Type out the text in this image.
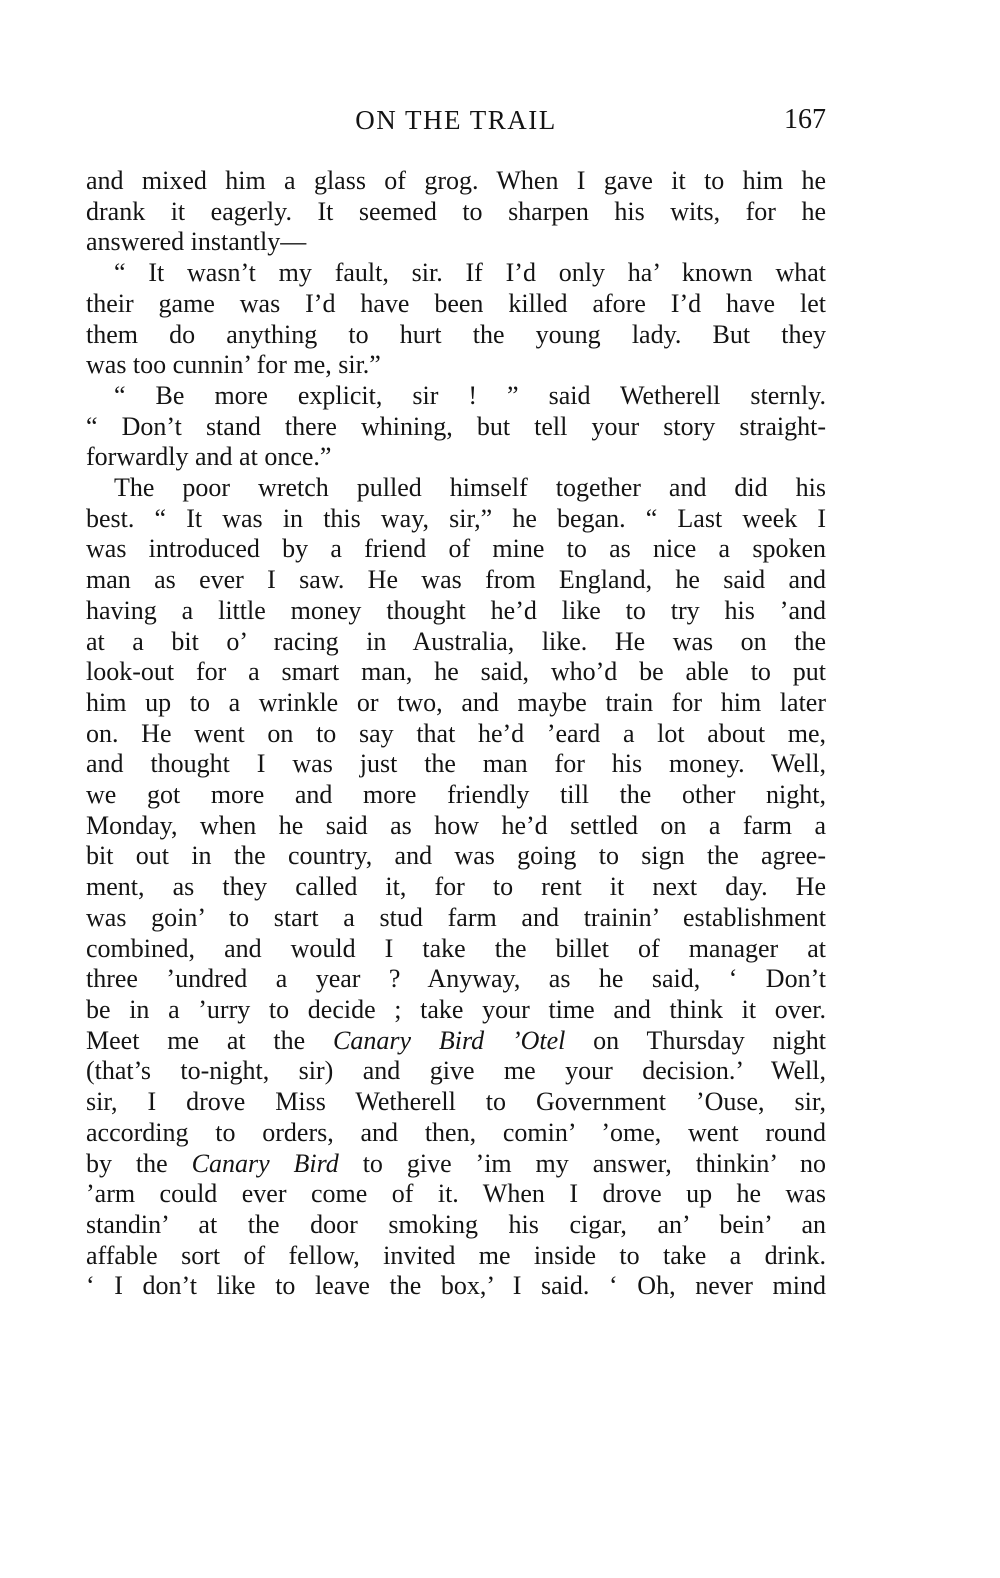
ON THE TRAIL	167
and mixed him a glass of grog. When I gave it to him he
drank it eagerly. It seemed to sharpen his wits, for he
answered instantly—
“ It wasn’t my fault, sir. If I’d only ha’ known what
their game was I’d have been killed afore I’d have let
them do anything to hurt the young lady. But they
was too cunnin’ for me, sir.”
“ Be more explicit, sir ! ” said Wetherell sternly.
“ Don’t stand there whining, but tell your story straight-
forwardly and at once.”
The poor wretch pulled himself together and did his
best. “ It was in this way, sir,” he began. “ Last week I
was introduced by a friend of mine to as nice a spoken
man as ever I saw. He was from England, he said and
having a little money thought he’d like to try his ’and
at a bit o’ racing in Australia, like. He was on the
look-out for a smart man, he said, who’d be able to put
him up to a wrinkle or two, and maybe train for him later
on. He went on to say that he’d ’eard a lot about me,
and thought I was just the man for his money. Well,
we got more and more friendly till the other night,
Monday, when he said as how he’d settled on a farm a
bit out in the country, and was going to sign the agree-
ment, as they called it, for to rent it next day. He
was goin’ to start a stud farm and trainin’ establishment
combined, and would I take the billet of manager at
three ’undred a year ? Anyway, as he said, ‘ Don’t
be in a ’urry to decide ; take your time and think it over.
Meet me at the Canary Bird ’Otel on Thursday night
(that’s to-night, sir) and give me your decision.’ Well,
sir, I drove Miss Wetherell to Government ’Ouse, sir,
according to orders, and then, comin’ ’ome, went round
by the Canary Bird to give ’im my answer, thinkin’ no
’arm could ever come of it. When I drove up he was
standin’ at the door smoking his cigar, an’ bein’ an
affable sort of fellow, invited me inside to take a drink.
‘ I don’t like to leave the box,’ I said. ‘ Oh, never mind
